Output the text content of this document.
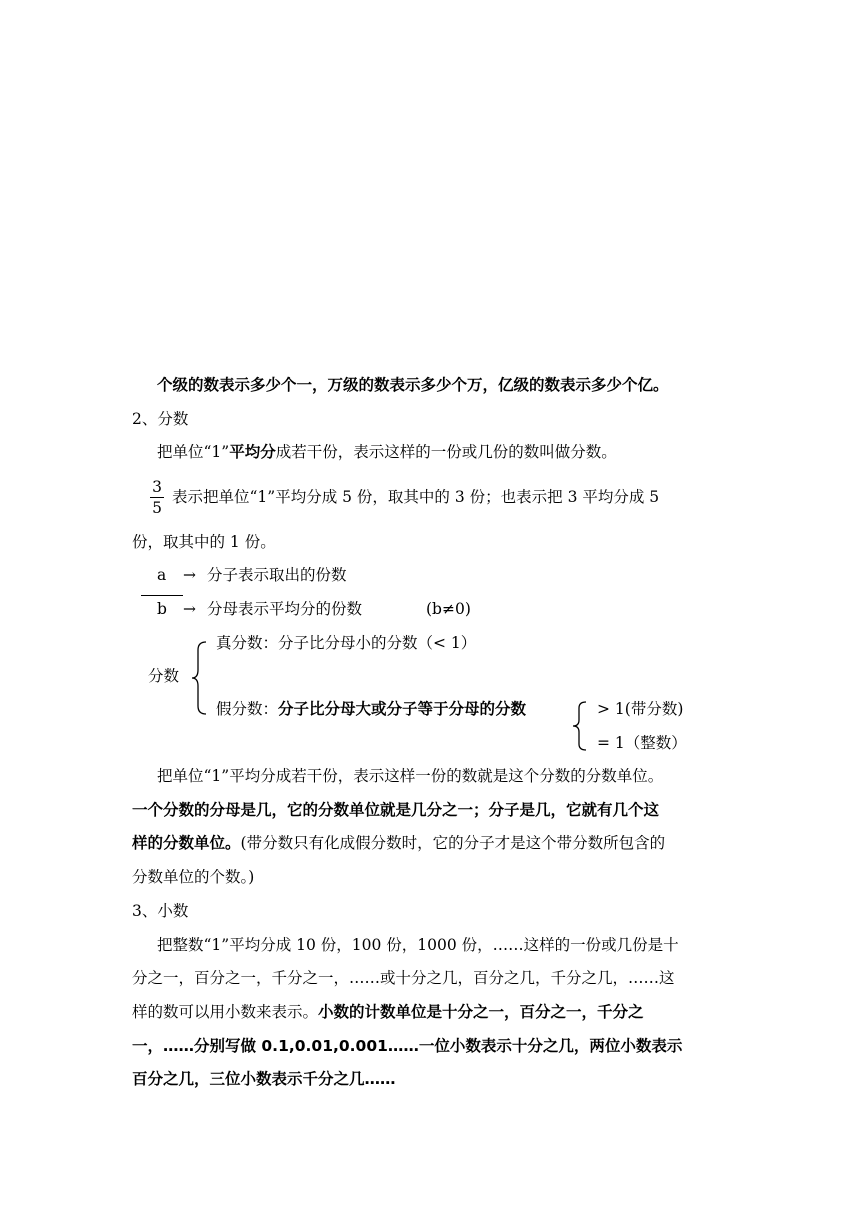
个级的数表示多少个一，万级的数表示多少个万，亿级的数表示多少个亿。
2、分数
把单位“1”平均分成若干份，表示这样的一份或几份的数叫做分数。
3
5
表示把单位“1”平均分成 5 份，取其中的 3 份；也表示把 3 平均分成 5
份，取其中的 1 份。
a → 分子表示取出的份数
b → 分母表示平均分的份数	(b≠0)
分数
真分数：分子比分母小的分数（< 1）
假分数：分子比分母大或分子等于分母的分数	> 1(带分数)
= 1（整数）
把单位“1”平均分成若干份，表示这样一份的数就是这个分数的分数单位。
一个分数的分母是几，它的分数单位就是几分之一；分子是几，它就有几个这
样的分数单位。(带分数只有化成假分数时，它的分子才是这个带分数所包含的
分数单位的个数。)
3、小数
把整数“1”平均分成 10 份，100 份，1000 份，……这样的一份或几份是十
分之一，百分之一，千分之一，……或十分之几，百分之几，千分之几，……这
样的数可以用小数来表示。小数的计数单位是十分之一，百分之一，千分之
一，……分别写做 0.1,0.01,0.001……一位小数表示十分之几，两位小数表示
百分之几，三位小数表示千分之几……
